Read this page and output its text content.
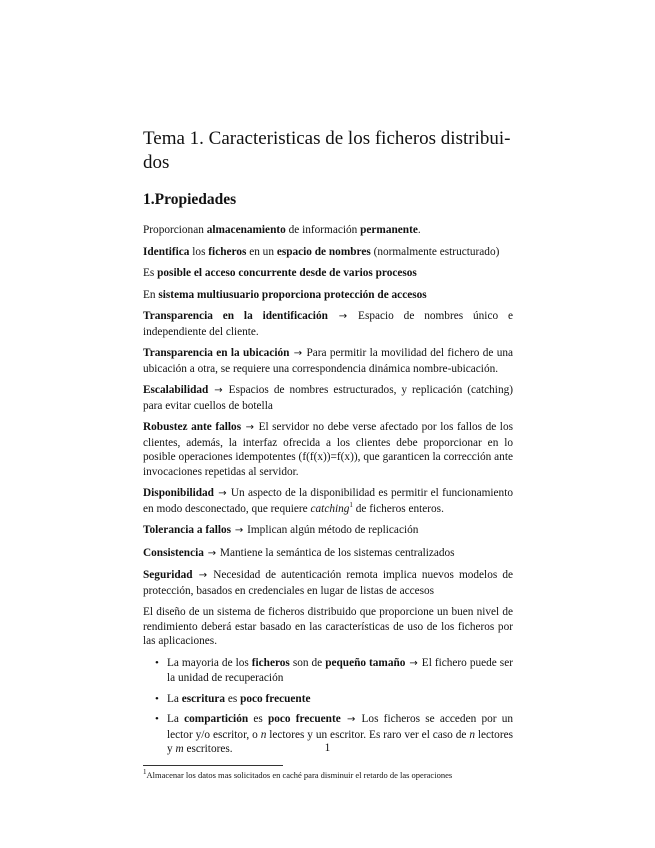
Tema 1. Caracteristicas de los ficheros distribui-
dos
1.Propiedades

Proporcionan almacenamiento de información permanente.

Identifica los ficheros en un espacio de nombres (normalmente estructurado)

Es posible el acceso concurrente desde de varios procesos

En sistema multiusuario proporciona protección de accesos

Transparencia en la identificación → Espacio de nombres único e independiente del cliente.

Transparencia en la ubicación → Para permitir la movilidad del fichero de una ubicación a otra, se requiere una correspondencia dinámica nombre-ubicación.

Escalabilidad → Espacios de nombres estructurados, y replicación (catching) para evitar cuellos de botella

Robustez ante fallos → El servidor no debe verse afectado por los fallos de los clientes, además, la interfaz ofrecida a los clientes debe proporcionar en lo posible operaciones idempotentes (f(f(x))=f(x)), que garanticen la corrección ante invocaciones repetidas al servidor.

Disponibilidad → Un aspecto de la disponibilidad es permitir el funcionamiento en modo desconectado, que requiere catching$^1$ de ficheros enteros.

Tolerancia a fallos → Implican algún método de replicación

Consistencia → Mantiene la semántica de los sistemas centralizados

Seguridad → Necesidad de autenticación remota implica nuevos modelos de protección, basados en credenciales en lugar de listas de accesos

El diseño de un sistema de ficheros distribuido que proporcione un buen nivel de rendimiento deberá estar basado en las características de uso de los ficheros por las aplicaciones.

• La mayoria de los ficheros son de pequeño tamaño → El fichero puede ser la unidad de recuperación
• La escritura es poco frecuente
• La compartición es poco frecuente → Los ficheros se acceden por un lector y/o escritor, o n lectores y un escritor. Es raro ver el caso de n lectores y m escritores.

$^1$Almacenar los datos mas solicitados en caché para disminuir el retardo de las operaciones

1
